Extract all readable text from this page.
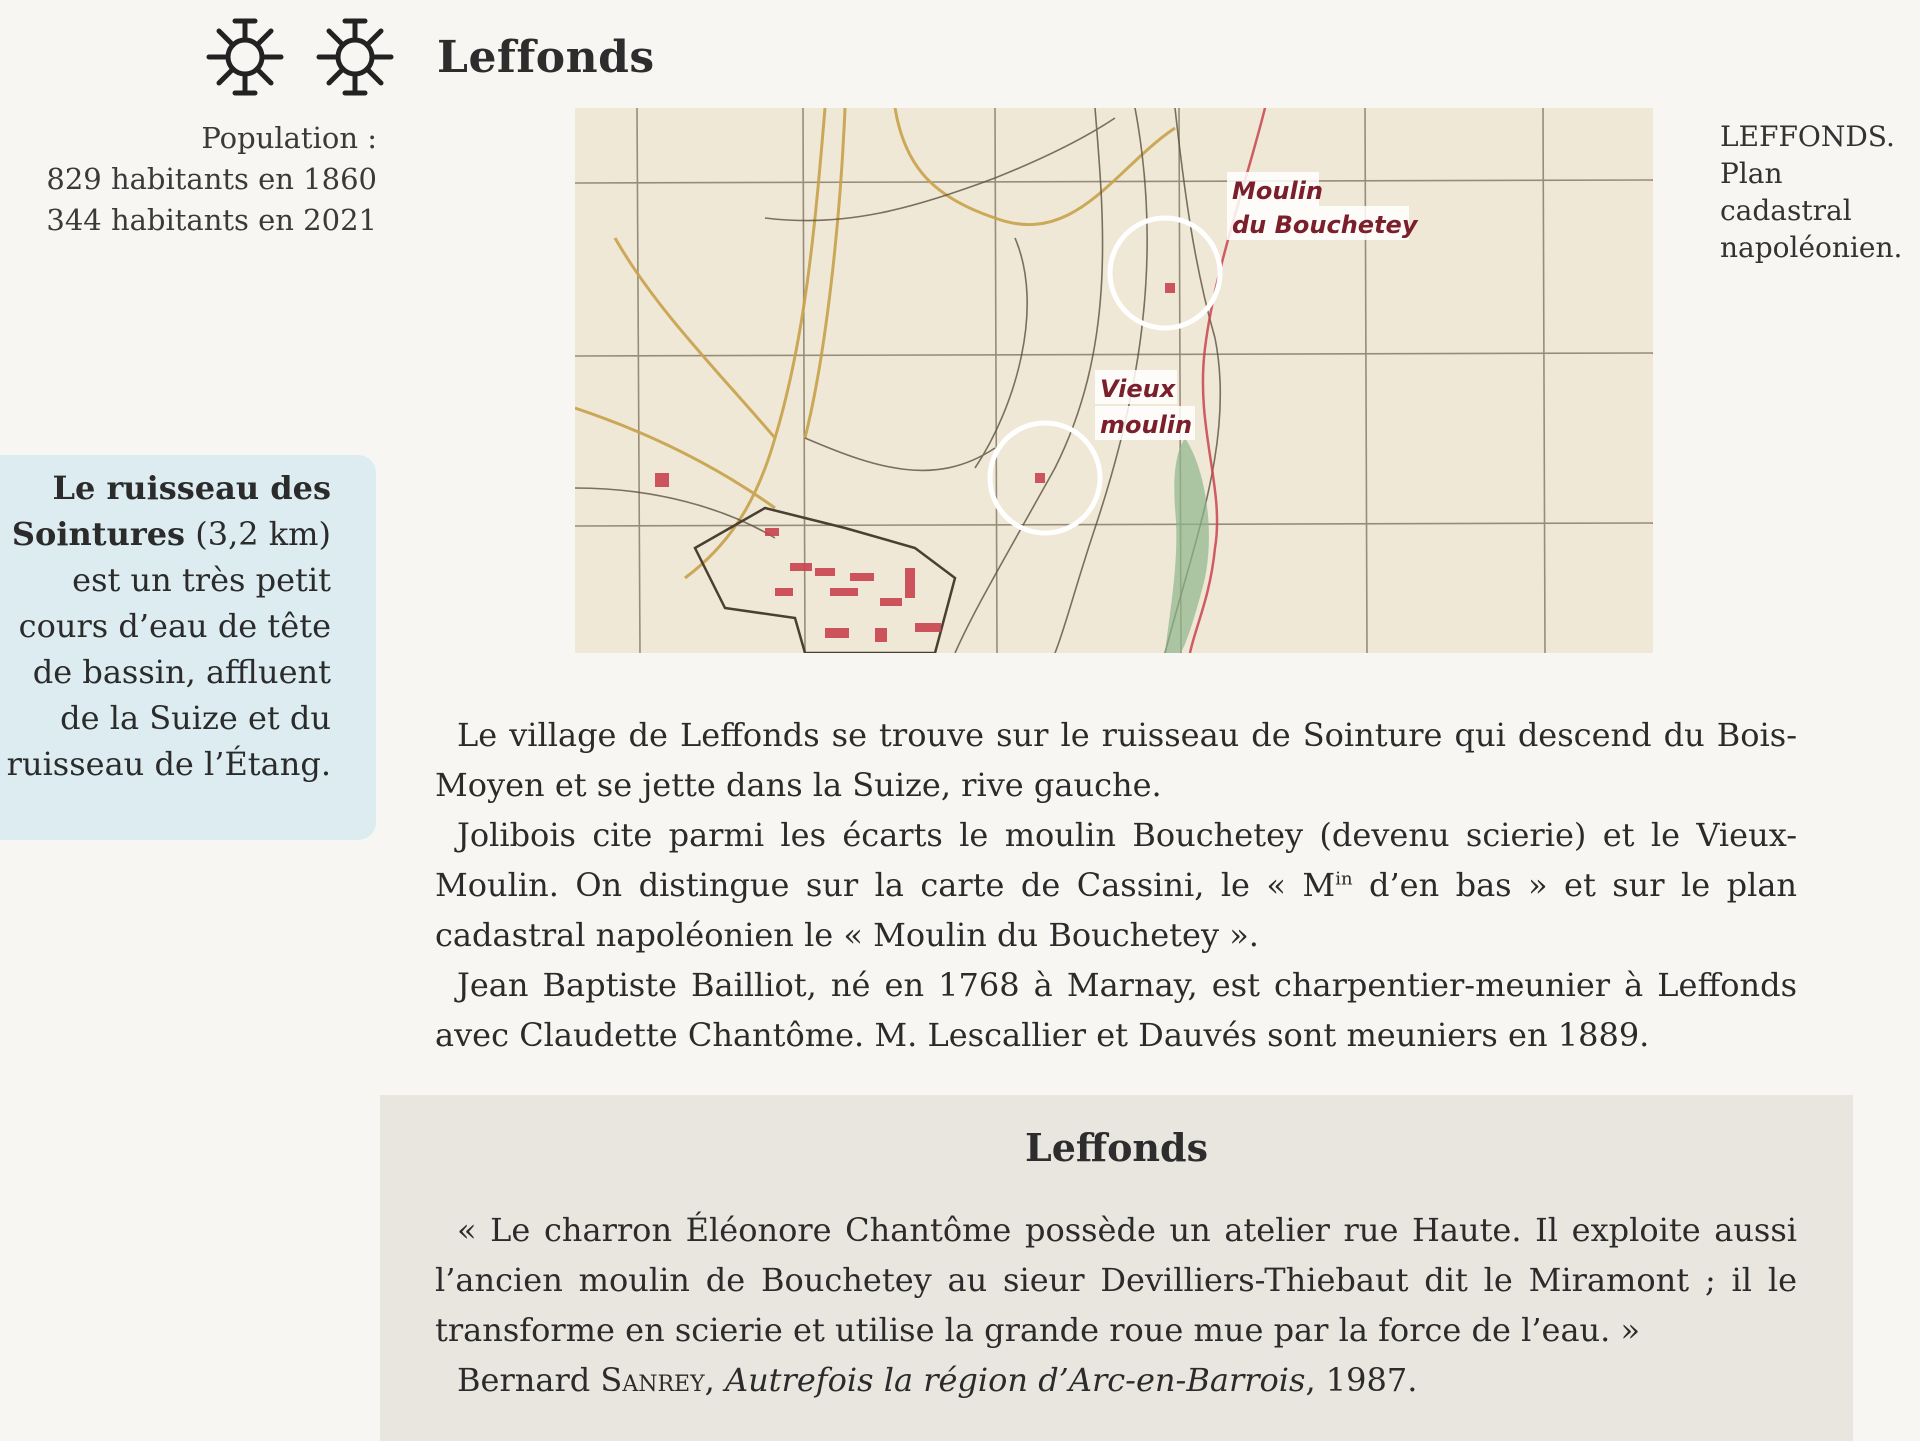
Leffonds
Population :
829 habitants en 1860
344 habitants en 2021
Moulin
du Bouchetey
Vieux
moulin
LEFFONDS.
Plan cadastral
napoléonien.
Le ruisseau des Sointures (3,2 km) est un très petit cours d’eau de tête de bassin, affluent de la Suize et du ruisseau de l’Étang.

Le village de Leffonds se trouve sur le ruisseau de Sointure qui descend du Bois-Moyen et se jette dans la Suize, rive gauche.

Jolibois cite parmi les écarts le moulin Bouchetey (devenu scierie) et le Vieux-Moulin. On distingue sur la carte de Cassini, le « $M^{in}$ d’en bas » et sur le plan cadastral napoléonien le « Moulin du Bouchetey ».

Jean Baptiste Bailliot, né en 1768 à Marnay, est charpentier-meunier à Leffonds avec Claudette Chantôme. M. Lescallier et Dauvés sont meuniers en 1889.

Leffonds

« Le charron Éléonore Chantôme possède un atelier rue Haute. Il exploite aussi l’ancien moulin de Bouchetey au sieur Devilliers-Thiebaut dit le Miramont ; il le transforme en scierie et utilise la grande roue mue par la force de l’eau. »

Bernard Sanrey, Autrefois la région d’Arc-en-Barrois, 1987.
